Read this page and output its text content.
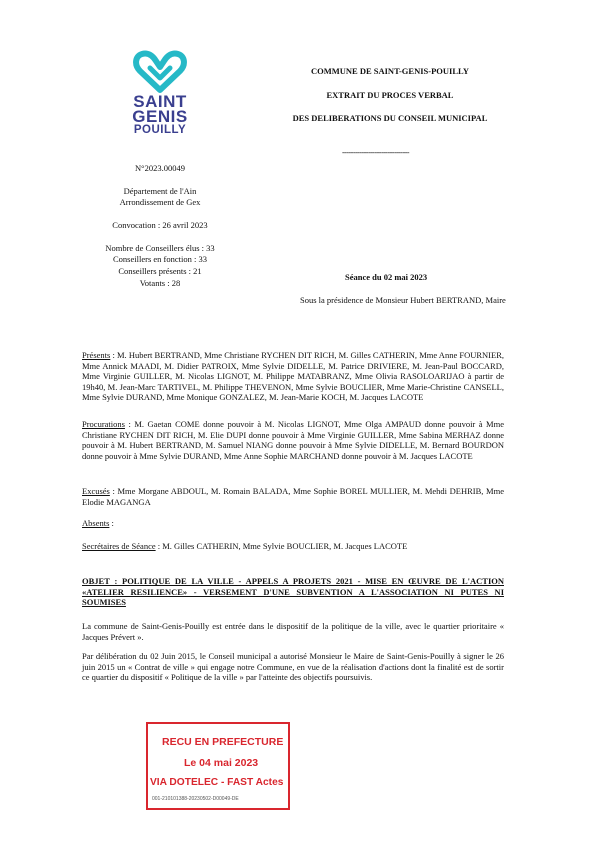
SAINT
GENIS
POUILLY
N°2023.00049
Département de l'Ain
Arrondissement de Gex
Convocation : 26 avril 2023
Nombre de Conseillers élus : 33
Conseillers en fonction : 33
Conseillers présents : 21
Votants : 28
COMMUNE DE SAINT-GENIS-POUILLY
EXTRAIT DU PROCES VERBAL
DES DELIBERATIONS DU CONSEIL MUNICIPAL
-------------------------------
Séance du 02 mai 2023
Sous la présidence de Monsieur Hubert BERTRAND, Maire
Présents : M. Hubert BERTRAND, Mme Christiane RYCHEN DIT RICH, M. Gilles CATHERIN, Mme Anne FOURNIER, Mme Annick MAADI, M. Didier PATROIX, Mme Sylvie DIDELLE, M. Patrice DRIVIERE, M. Jean-Paul BOCCARD, Mme Virginie GUILLER, M. Nicolas LIGNOT, M. Philippe MATABRANZ, Mme Olivia RASOLOARIJAO à partir de 19h40, M. Jean-Marc TARTIVEL, M. Philippe THEVENON, Mme Sylvie BOUCLIER, Mme Marie-Christine CANSELL, Mme Sylvie DURAND, Mme Monique GONZALEZ, M. Jean-Marie KOCH, M. Jacques LACOTE
Procurations : M. Gaetan COME donne pouvoir à M. Nicolas LIGNOT, Mme Olga AMPAUD donne pouvoir à Mme Christiane RYCHEN DIT RICH, M. Elie DUPI donne pouvoir à Mme Virginie GUILLER, Mme Sabina MERHAZ donne pouvoir à M. Hubert BERTRAND, M. Samuel NIANG donne pouvoir à Mme Sylvie DIDELLE, M. Bernard BOURDON donne pouvoir à Mme Sylvie DURAND, Mme Anne Sophie MARCHAND donne pouvoir à M. Jacques LACOTE
Excusés : Mme Morgane ABDOUL, M. Romain BALADA, Mme Sophie BOREL MULLIER, M. Mehdi DEHRIB, Mme Elodie MAGANGA
Absents :
Secrétaires de Séance : M. Gilles CATHERIN, Mme Sylvie BOUCLIER, M. Jacques LACOTE
OBJET : POLITIQUE DE LA VILLE - APPELS A PROJETS 2021 - MISE EN ŒUVRE DE L'ACTION «ATELIER RESILIENCE» - VERSEMENT D'UNE SUBVENTION A L'ASSOCIATION NI PUTES NI SOUMISES
La commune de Saint-Genis-Pouilly est entrée dans le dispositif de la politique de la ville, avec le quartier prioritaire « Jacques Prévert ».
Par délibération du 02 Juin 2015, le Conseil municipal a autorisé Monsieur le Maire de Saint-Genis-Pouilly à signer le 26 juin 2015 un « Contrat de ville » qui engage notre Commune, en vue de la réalisation d'actions dont la finalité est de sortir ce quartier du dispositif « Politique de la ville » par l'atteinte des objectifs poursuivis.
RECU EN PREFECTURE
Le 04 mai 2023
VIA DOTELEC - FAST Actes
001-210101388-20230502-D00049-DE
